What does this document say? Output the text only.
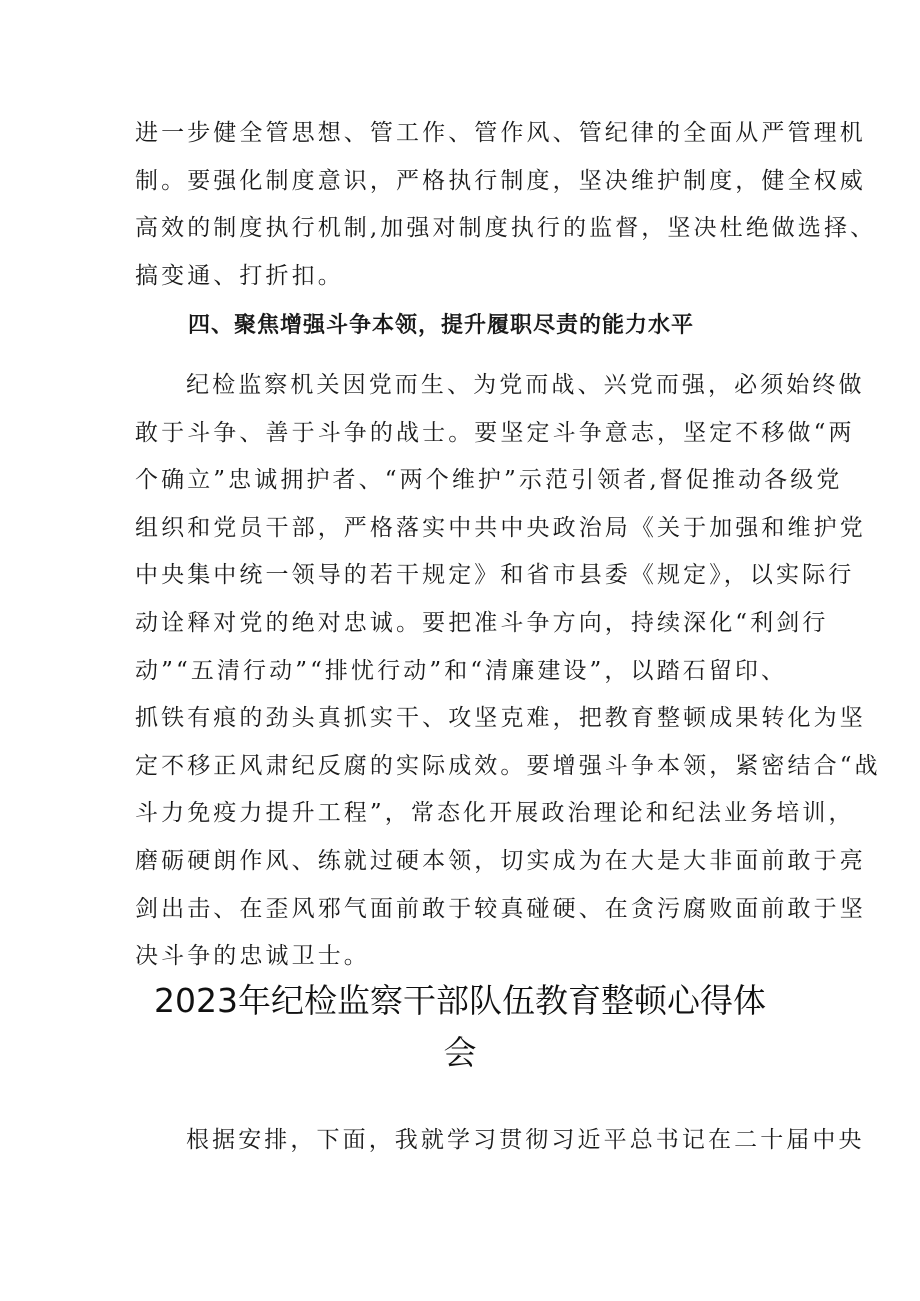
进一步健全管思想、管工作、管作风、管纪律的全面从严管理机
制。要强化制度意识，严格执行制度，坚决维护制度，健全权威
高效的制度执行机制,加强对制度执行的监督，坚决杜绝做选择、
搞变通、打折扣。
四、聚焦增强斗争本领，提升履职尽责的能力水平
纪检监察机关因党而生、为党而战、兴党而强，必须始终做
敢于斗争、善于斗争的战士。要坚定斗争意志，坚定不移做“两
个确立”忠诚拥护者、“两个维护”示范引领者,督促推动各级党
组织和党员干部，严格落实中共中央政治局《关于加强和维护党
中央集中统一领导的若干规定》和省市县委《规定》，以实际行
动诠释对党的绝对忠诚。要把准斗争方向，持续深化“利剑行
动”“五清行动”“排忧行动”和“清廉建设”，以踏石留印、
抓铁有痕的劲头真抓实干、攻坚克难，把教育整顿成果转化为坚
定不移正风肃纪反腐的实际成效。要增强斗争本领，紧密结合“战
斗力免疫力提升工程”，常态化开展政治理论和纪法业务培训，
磨砺硬朗作风、练就过硬本领，切实成为在大是大非面前敢于亮
剑出击、在歪风邪气面前敢于较真碰硬、在贪污腐败面前敢于坚
决斗争的忠诚卫士。
2023年纪检监察干部队伍教育整顿心得体
会
根据安排，下面，我就学习贯彻习近平总书记在二十届中央
